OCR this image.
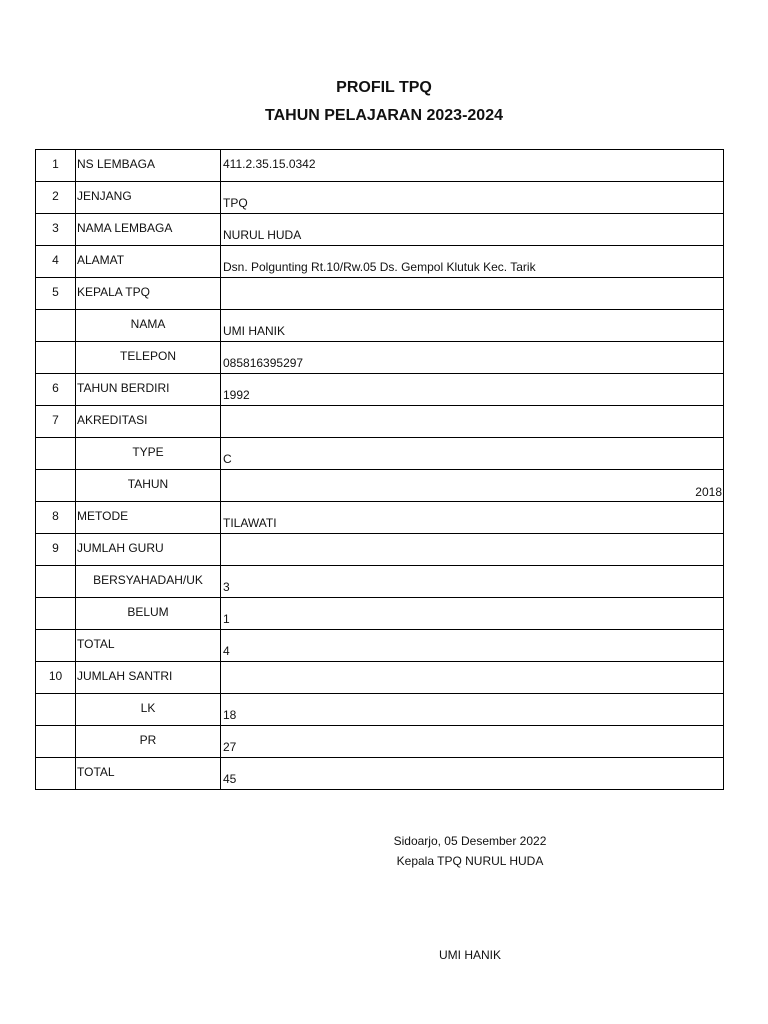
PROFIL TPQ
TAHUN PELAJARAN 2023-2024
1	NS LEMBAGA	411.2.35.15.0342

2	JENJANG	TPQ

3	NAMA LEMBAGA	NURUL HUDA

4	ALAMAT	Dsn. Polgunting Rt.10/Rw.05 Ds. Gempol Klutuk Kec. Tarik

5	KEPALA TPQ	

	NAMA	UMI HANIK

	TELEPON	085816395297

6	TAHUN BERDIRI	1992

7	AKREDITASI	

	TYPE	C

	TAHUN	2018

8	METODE	TILAWATI

9	JUMLAH GURU	

	BERSYAHADAH/UK	3

	BELUM	1

	TOTAL	4

10	JUMLAH SANTRI	

	LK	18

	PR	27

	TOTAL	45
Sidoarjo, 05 Desember 2022
Kepala TPQ NURUL HUDA
UMI HANIK
